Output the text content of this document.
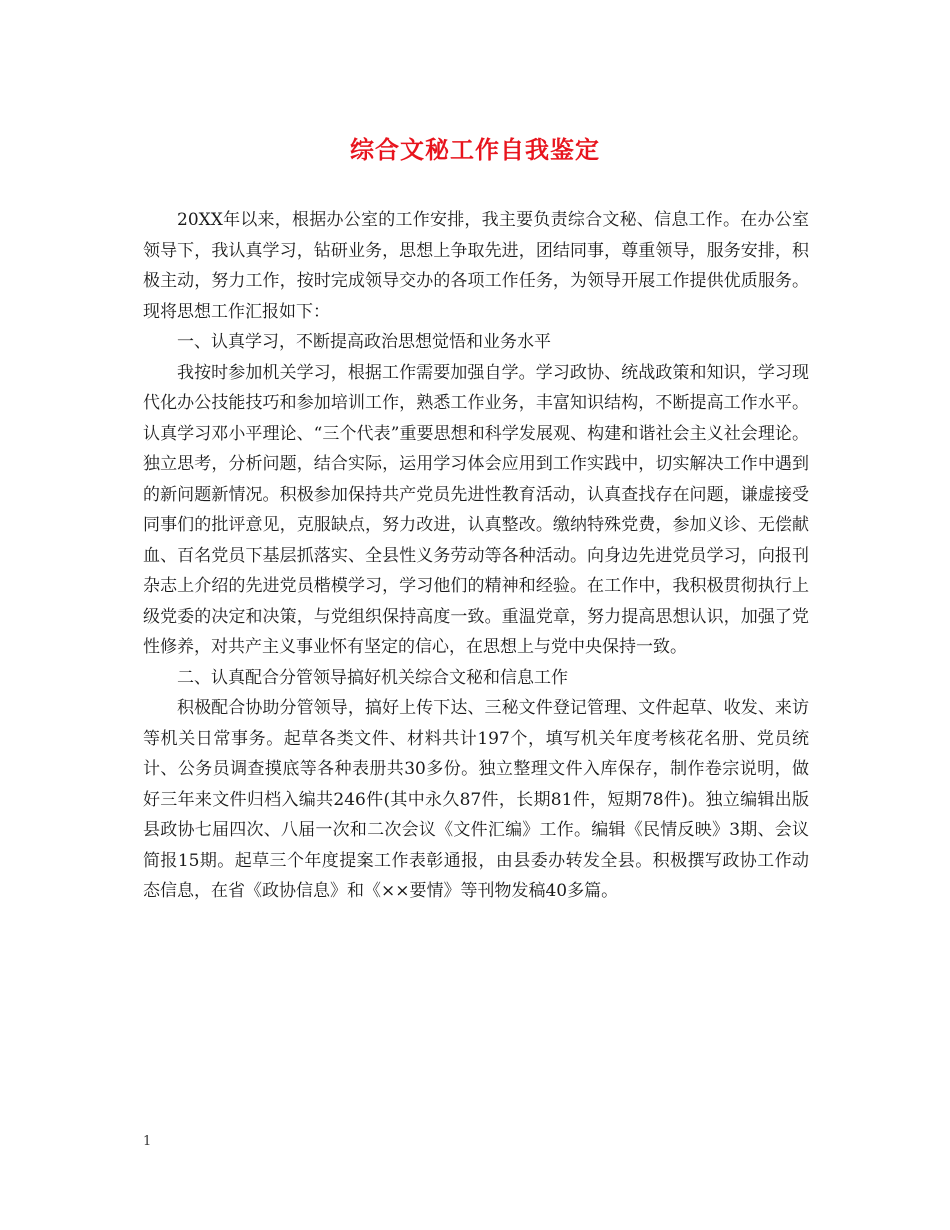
综合文秘工作自我鉴定

20XX年以来，根据办公室的工作安排，我主要负责综合文秘、信息工作。在办公室领导下，我认真学习，钻研业务，思想上争取先进，团结同事，尊重领导，服务安排，积极主动，努力工作，按时完成领导交办的各项工作任务，为领导开展工作提供优质服务。现将思想工作汇报如下：

一、认真学习，不断提高政治思想觉悟和业务水平

我按时参加机关学习，根据工作需要加强自学。学习政协、统战政策和知识，学习现代化办公技能技巧和参加培训工作，熟悉工作业务，丰富知识结构，不断提高工作水平。认真学习邓小平理论、“三个代表”重要思想和科学发展观、构建和谐社会主义社会理论。独立思考，分析问题，结合实际，运用学习体会应用到工作实践中，切实解决工作中遇到的新问题新情况。积极参加保持共产党员先进性教育活动，认真查找存在问题，谦虚接受同事们的批评意见，克服缺点，努力改进，认真整改。缴纳特殊党费，参加义诊、无偿献血、百名党员下基层抓落实、全县性义务劳动等各种活动。向身边先进党员学习，向报刊杂志上介绍的先进党员楷模学习，学习他们的精神和经验。在工作中，我积极贯彻执行上级党委的决定和决策，与党组织保持高度一致。重温党章，努力提高思想认识，加强了党性修养，对共产主义事业怀有坚定的信心，在思想上与党中央保持一致。

二、认真配合分管领导搞好机关综合文秘和信息工作

积极配合协助分管领导，搞好上传下达、三秘文件登记管理、文件起草、收发、来访等机关日常事务。起草各类文件、材料共计197个，填写机关年度考核花名册、党员统计、公务员调查摸底等各种表册共30多份。独立整理文件入库保存，制作卷宗说明，做好三年来文件归档入编共246件(其中永久87件，长期81件，短期78件)。独立编辑出版县政协七届四次、八届一次和二次会议《文件汇编》工作。编辑《民情反映》3期、会议简报15期。起草三个年度提案工作表彰通报，由县委办转发全县。积极撰写政协工作动态信息，在省《政协信息》和《××要情》等刊物发稿40多篇。

1
